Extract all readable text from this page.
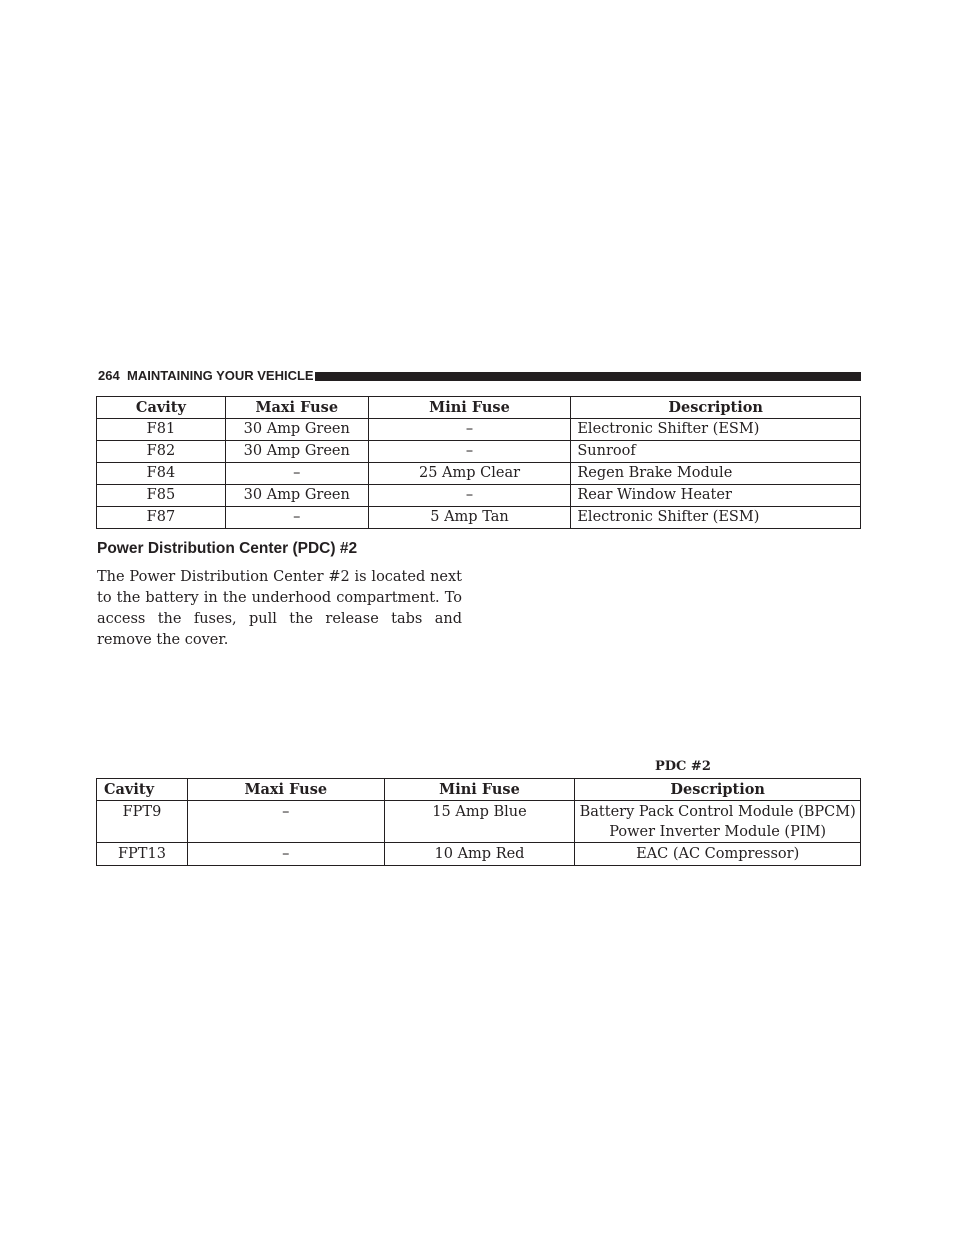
264 MAINTAINING YOUR VEHICLE
Cavity	Maxi Fuse	Mini Fuse	Description
F81	30 Amp Green	–	Electronic Shifter (ESM)
F82	30 Amp Green	–	Sunroof
F84	–	25 Amp Clear	Regen Brake Module
F85	30 Amp Green	–	Rear Window Heater
F87	–	5 Amp Tan	Electronic Shifter (ESM)
Power Distribution Center (PDC) #2

The Power Distribution Center #2 is located next to the battery in the underhood compartment. To access the fuses, pull the release tabs and remove the cover.

PDC #2
Cavity	Maxi Fuse	Mini Fuse	Description
FPT9	–	15 Amp Blue	Battery Pack Control Module (BPCM)
Power Inverter Module (PIM)

FPT13	–	10 Amp Red	EAC (AC Compressor)
